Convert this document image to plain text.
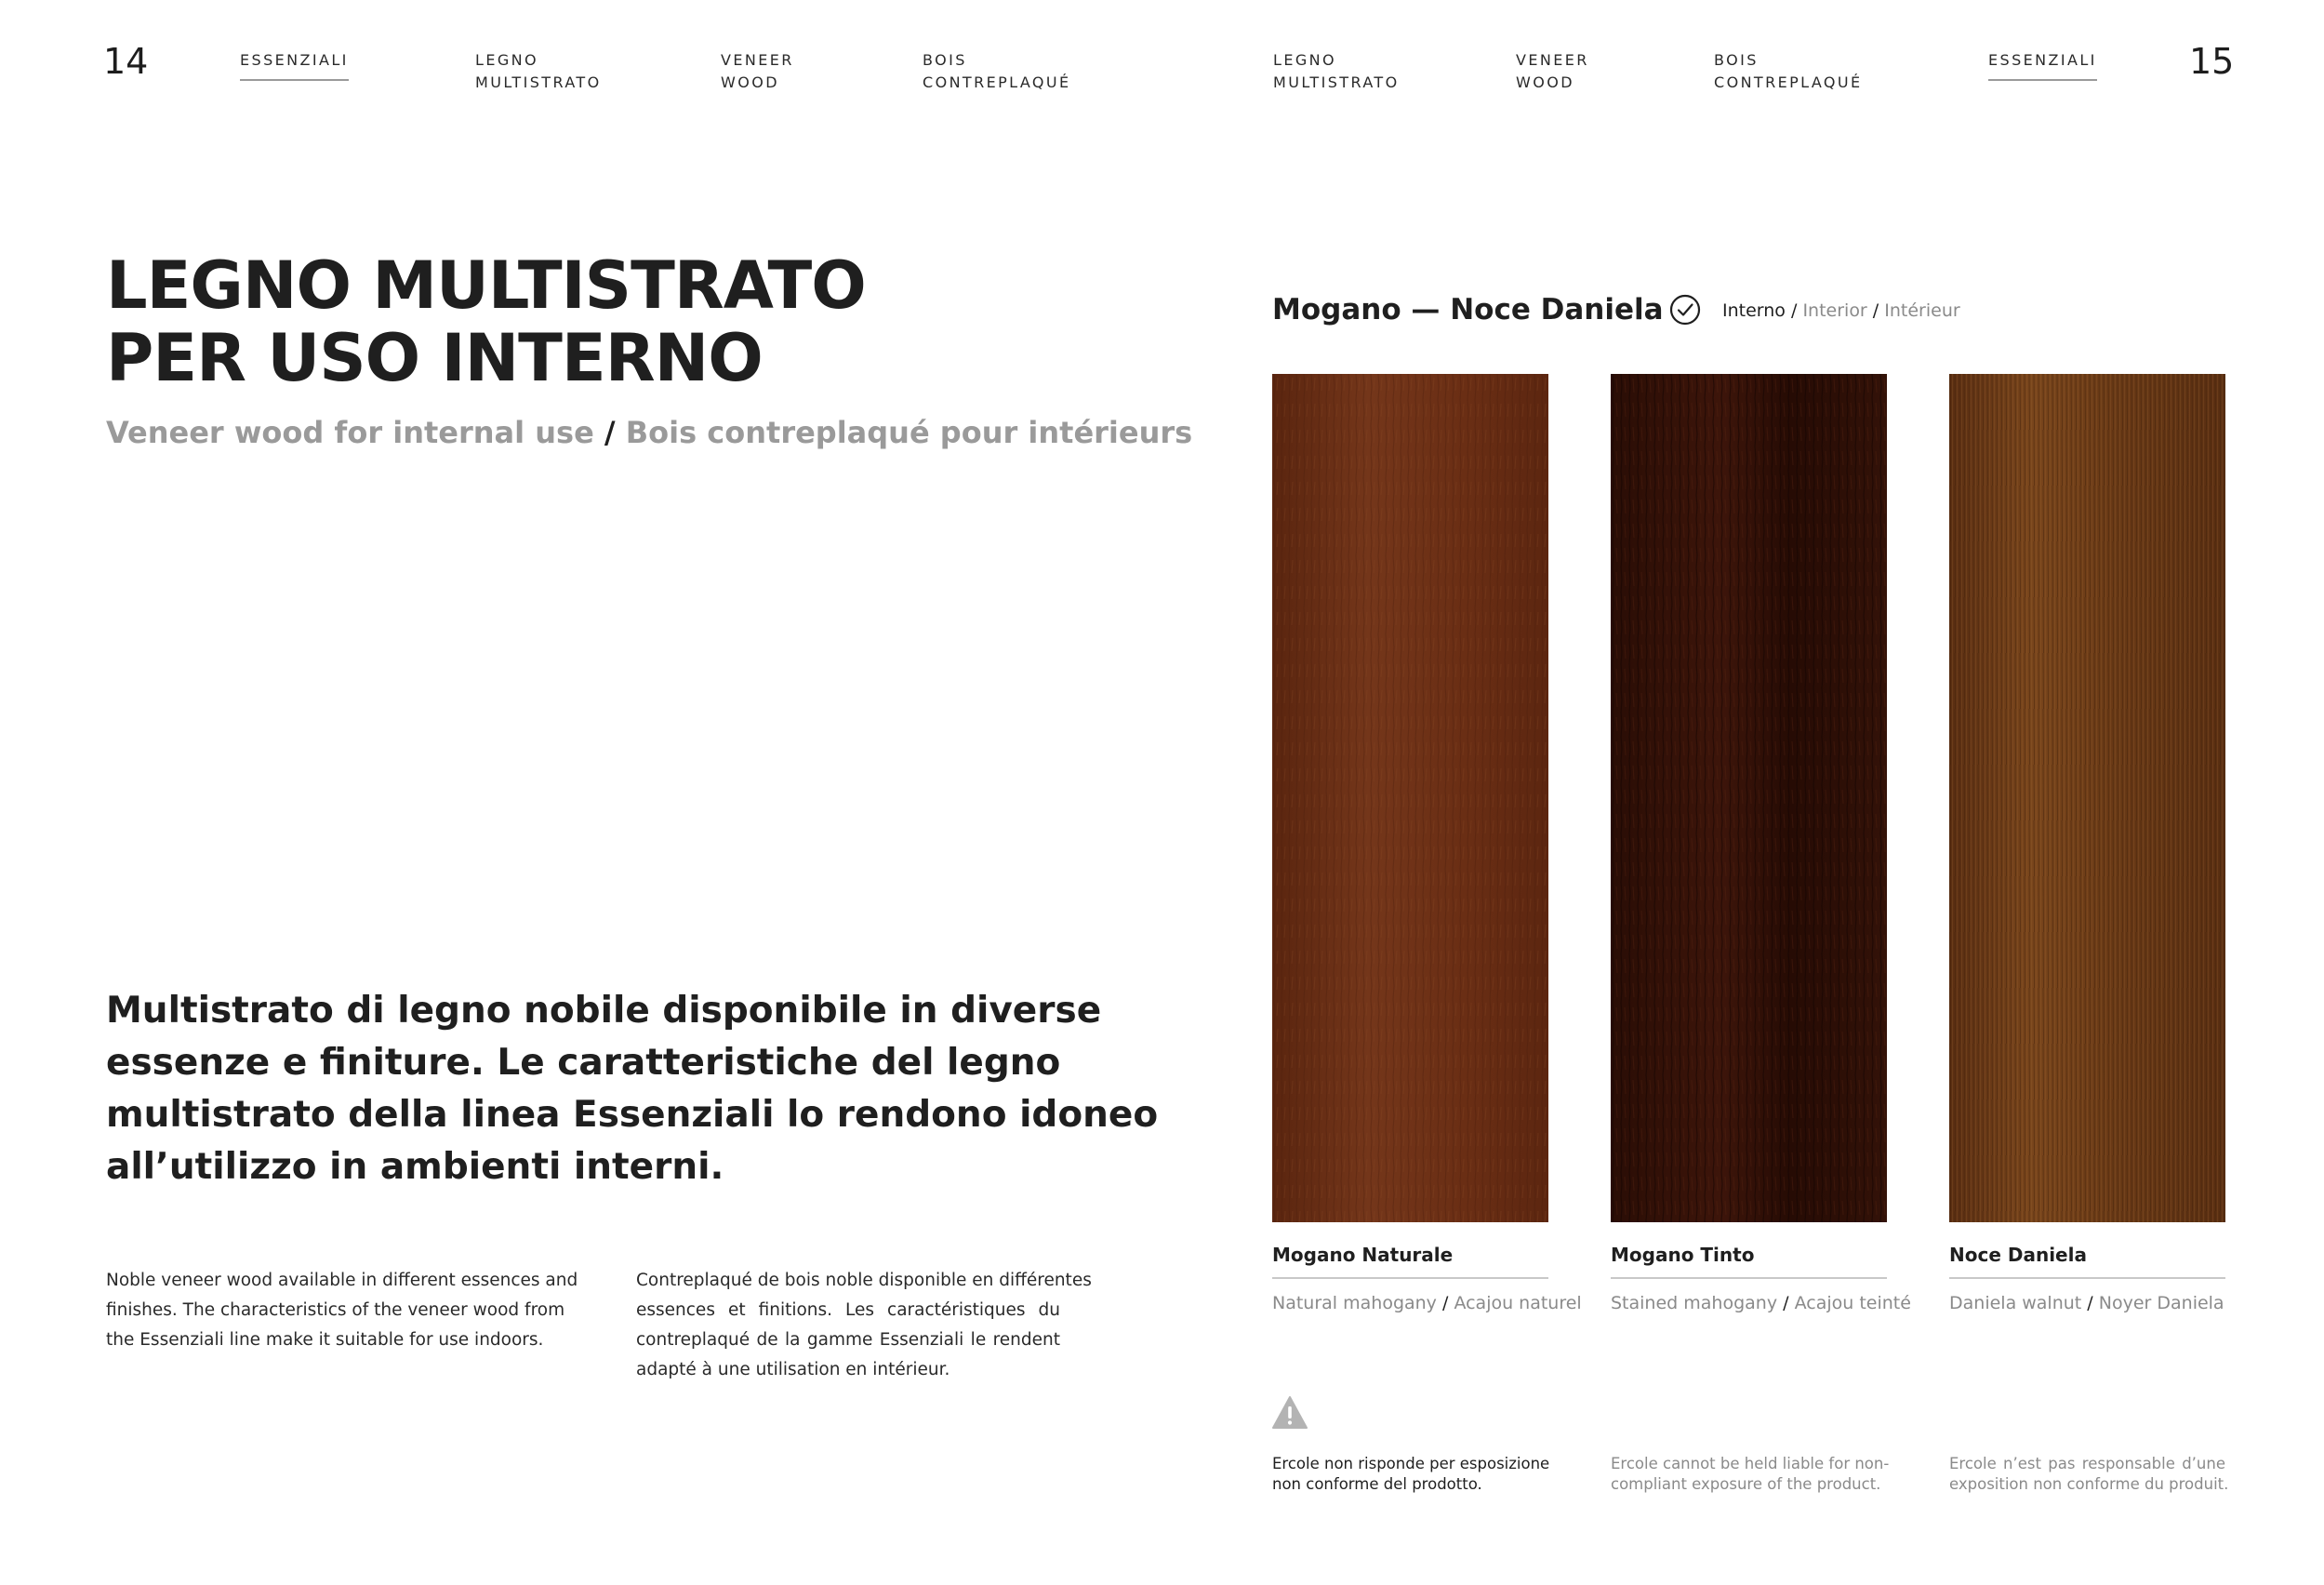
14	15
ESSENZIALI	LEGNO
MULTISTRATO
VENEER
WOOD
BOIS
CONTREPLAQUÉ
LEGNO
MULTISTRATO
VENEER
WOOD
BOIS
CONTREPLAQUÉ
ESSENZIALI
LEGNO MULTISTRATO
PER USO INTERNO
Veneer wood for internal use / Bois contreplaqué pour intérieurs
Multistrato di legno nobile disponibile in diverse
essenze e finiture. Le caratteristiche del legno
multistrato della linea Essenziali lo rendono idoneo
all’utilizzo in ambienti interni.
Noble veneer wood available in different essences and
finishes. The characteristics of the veneer wood from
the Essenziali line make it suitable for use indoors.
Contreplaqué de bois noble disponible en différentes
essences et finitions. Les caractéristiques du
contreplaqué de la gamme Essenziali le rendent
adapté à une utilisation en intérieur.
Mogano — Noce Daniela	Interno / Interior / Intérieur
Mogano Naturale	Mogano Tinto	Noce Daniela
Natural mahogany / Acajou naturel Stained mahogany / Acajou teinté Daniela walnut / Noyer Daniela
Ercole non risponde per esposizione
non conforme del prodotto.
Ercole cannot be held liable for non-
compliant exposure of the product.
Ercole n’est pas responsable d’une
exposition non conforme du produit.
